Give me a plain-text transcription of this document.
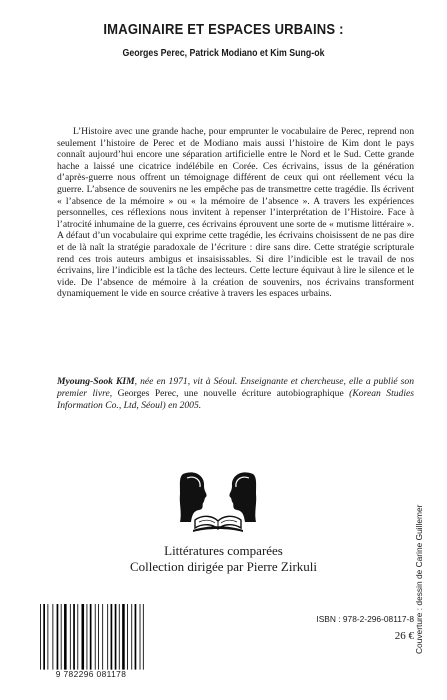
IMAGINAIRE ET ESPACES URBAINS :
Georges Perec, Patrick Modiano et Kim Sung-ok

L’Histoire avec une grande hache, pour emprunter le vocabulaire de Perec, reprend non seulement l’histoire de Perec et de Modiano mais aussi l’histoire de Kim dont le pays connaît aujourd’hui encore une séparation artificielle entre le Nord et le Sud. Cette grande hache a laissé une cicatrice indélébile en Corée. Ces écrivains, issus de la génération d’après-guerre nous offrent un témoignage différent de ceux qui ont réellement vécu la guerre. L’absence de souvenirs ne les empêche pas de transmettre cette tragédie. Ils écrivent « l’absence de la mémoire » ou « la mémoire de l’absence ». A travers les expériences personnelles, ces réflexions nous invitent à repenser l’interprétation de l’Histoire. Face à l’atrocité inhumaine de la guerre, ces écrivains éprouvent une sorte de « mutisme littéraire ». A défaut d’un vocabulaire qui exprime cette tragédie, les écrivains choisissent de ne pas dire et de là naît la stratégie paradoxale de l’écriture : dire sans dire. Cette stratégie scripturale rend ces trois auteurs ambigus et insaisissables. Si dire l’indicible est le travail de nos écrivains, lire l’indicible est la tâche des lecteurs. Cette lecture équivaut à lire le silence et le vide. De l’absence de mémoire à la création de souvenirs, nos écrivains transforment dynamiquement le vide en source créative à travers les espaces urbains.

Myoung-Sook KIM, née en 1971, vit à Séoul. Enseignante et chercheuse, elle a publié son premier livre, Georges Perec, une nouvelle écriture autobiographique (Korean Studies Information Co., Ltd, Séoul) en 2005.
Littératures comparées
Collection dirigée par Pierre Zirkuli	Couverture : dessin de Carine Guillemer
9 782296 081178
ISBN : 978-2-296-08117-8
26 €
